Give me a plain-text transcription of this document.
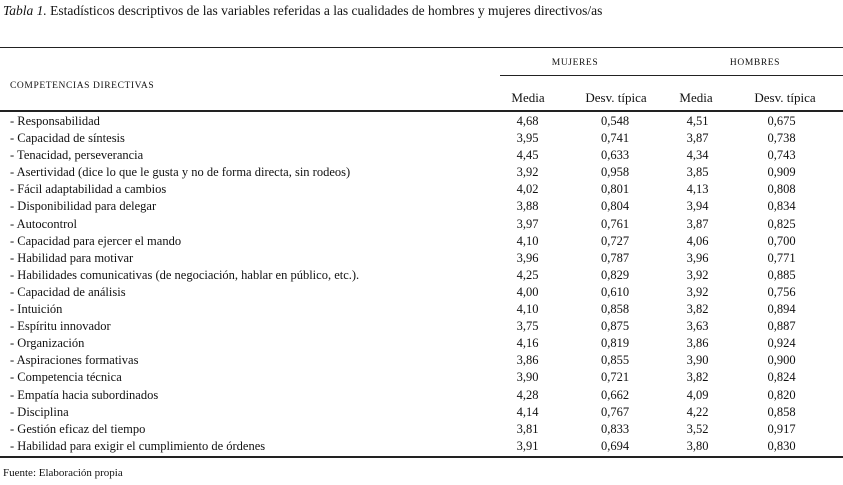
Tabla 1. Estadísticos descriptivos de las variables referidas a las cualidades de hombres y mujeres directivos/as
COMPETENCIAS DIRECTIVAS
MUJERES	HOMBRES
Media	Desv. típica	Media	Desv. típica
- Responsabilidad	4,68	0,548	4,51	0,675
- Capacidad de síntesis	3,95	0,741	3,87	0,738
- Tenacidad, perseverancia	4,45	0,633	4,34	0,743
- Asertividad (dice lo que le gusta y no de forma directa, sin rodeos)	3,92	0,958	3,85	0,909
- Fácil adaptabilidad a cambios	4,02	0,801	4,13	0,808
- Disponibilidad para delegar	3,88	0,804	3,94	0,834
- Autocontrol	3,97	0,761	3,87	0,825
- Capacidad para ejercer el mando	4,10	0,727	4,06	0,700
- Habilidad para motivar	3,96	0,787	3,96	0,771
- Habilidades comunicativas (de negociación, hablar en público, etc.).	4,25	0,829	3,92	0,885
- Capacidad de análisis	4,00	0,610	3,92	0,756
- Intuición	4,10	0,858	3,82	0,894
- Espíritu innovador	3,75	0,875	3,63	0,887
- Organización	4,16	0,819	3,86	0,924
- Aspiraciones formativas	3,86	0,855	3,90	0,900
- Competencia técnica	3,90	0,721	3,82	0,824
- Empatía hacia subordinados	4,28	0,662	4,09	0,820
- Disciplina	4,14	0,767	4,22	0,858
- Gestión eficaz del tiempo	3,81	0,833	3,52	0,917
- Habilidad para exigir el cumplimiento de órdenes	3,91	0,694	3,80	0,830
Fuente: Elaboración propia
